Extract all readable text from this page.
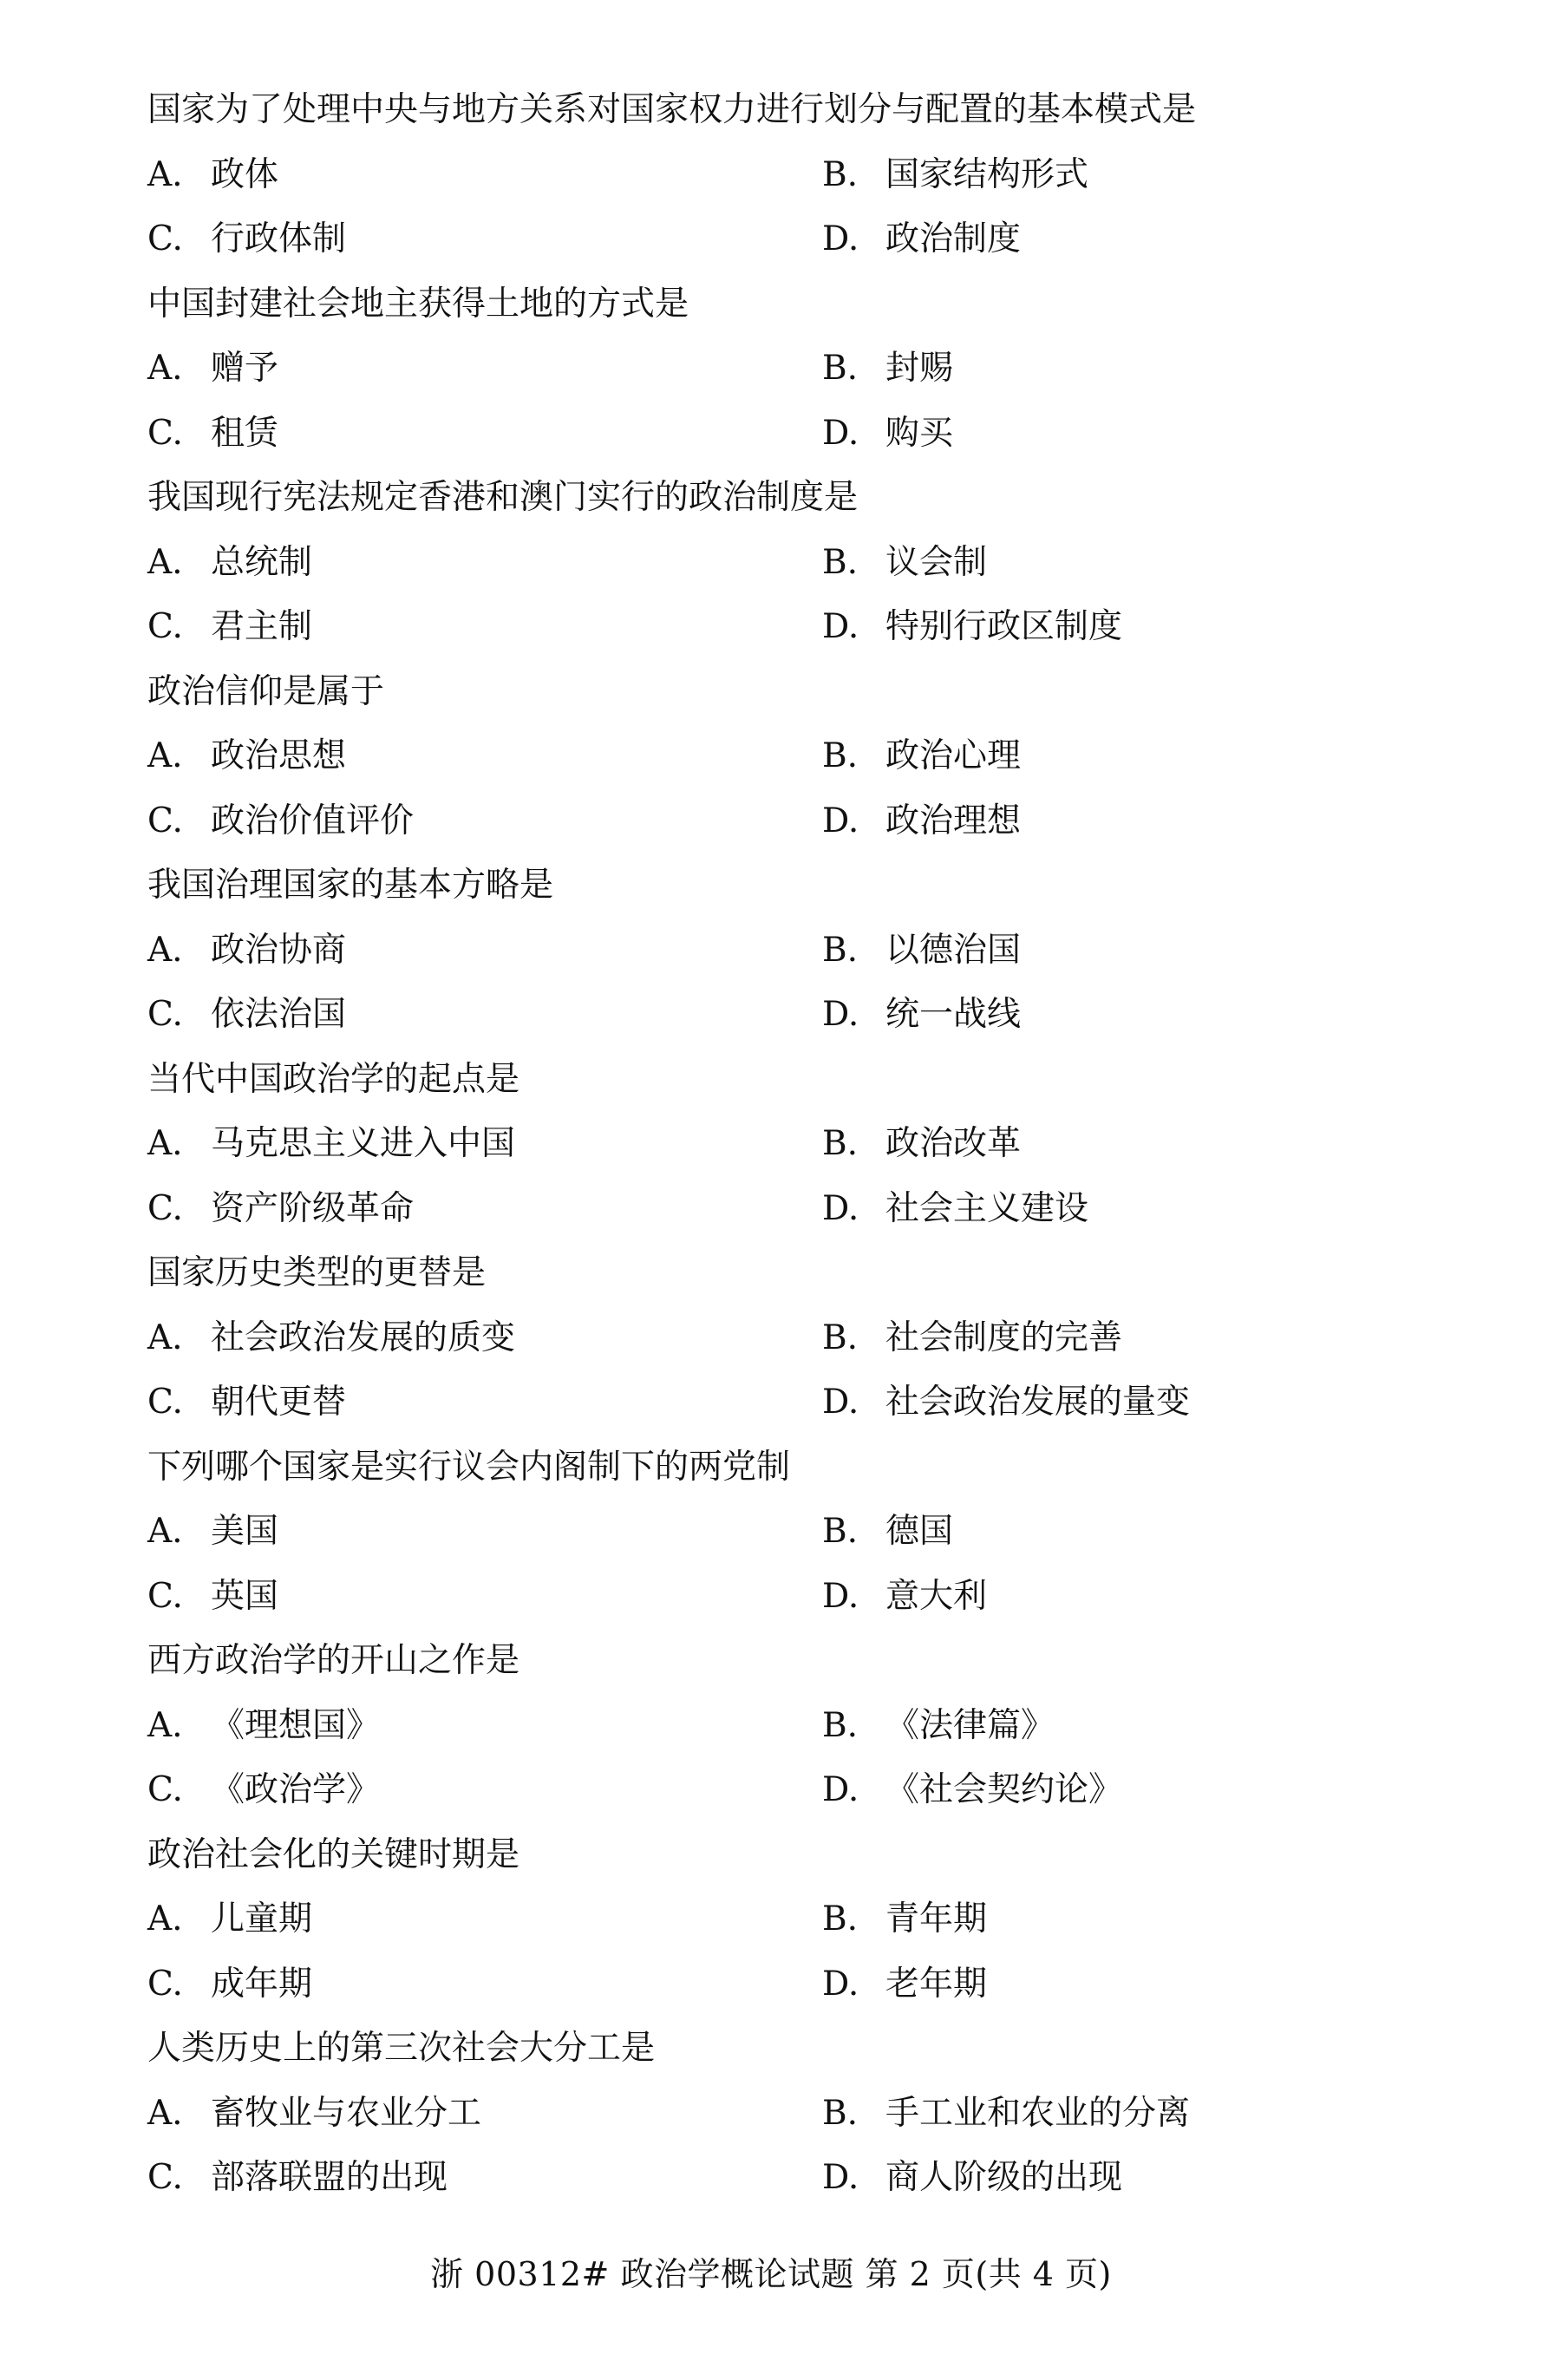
国家为了处理中央与地方关系对国家权力进行划分与配置的基本模式是
A. 政体	B. 国家结构形式
C. 行政体制	D. 政治制度
中国封建社会地主获得土地的方式是
A. 赠予	B. 封赐
C. 租赁	D. 购买
我国现行宪法规定香港和澳门实行的政治制度是
A. 总统制	B. 议会制
C. 君主制	D. 特别行政区制度
政治信仰是属于
A. 政治思想	B. 政治心理
C. 政治价值评价	D. 政治理想
我国治理国家的基本方略是
A. 政治协商	B. 以德治国
C. 依法治国	D. 统一战线
当代中国政治学的起点是
A. 马克思主义进入中国	B. 政治改革
C. 资产阶级革命	D. 社会主义建设
国家历史类型的更替是
A. 社会政治发展的质变	B. 社会制度的完善
C. 朝代更替	D. 社会政治发展的量变
下列哪个国家是实行议会内阁制下的两党制
A. 美国	B. 德国
C. 英国	D. 意大利
西方政治学的开山之作是
A. 《理想国》	B. 《法律篇》
C. 《政治学》	D. 《社会契约论》
政治社会化的关键时期是
A. 儿童期	B. 青年期
C. 成年期	D. 老年期
人类历史上的第三次社会大分工是
A. 畜牧业与农业分工	B. 手工业和农业的分离
C. 部落联盟的出现	D. 商人阶级的出现
浙 00312# 政治学概论试题 第 2 页(共 4 页)
